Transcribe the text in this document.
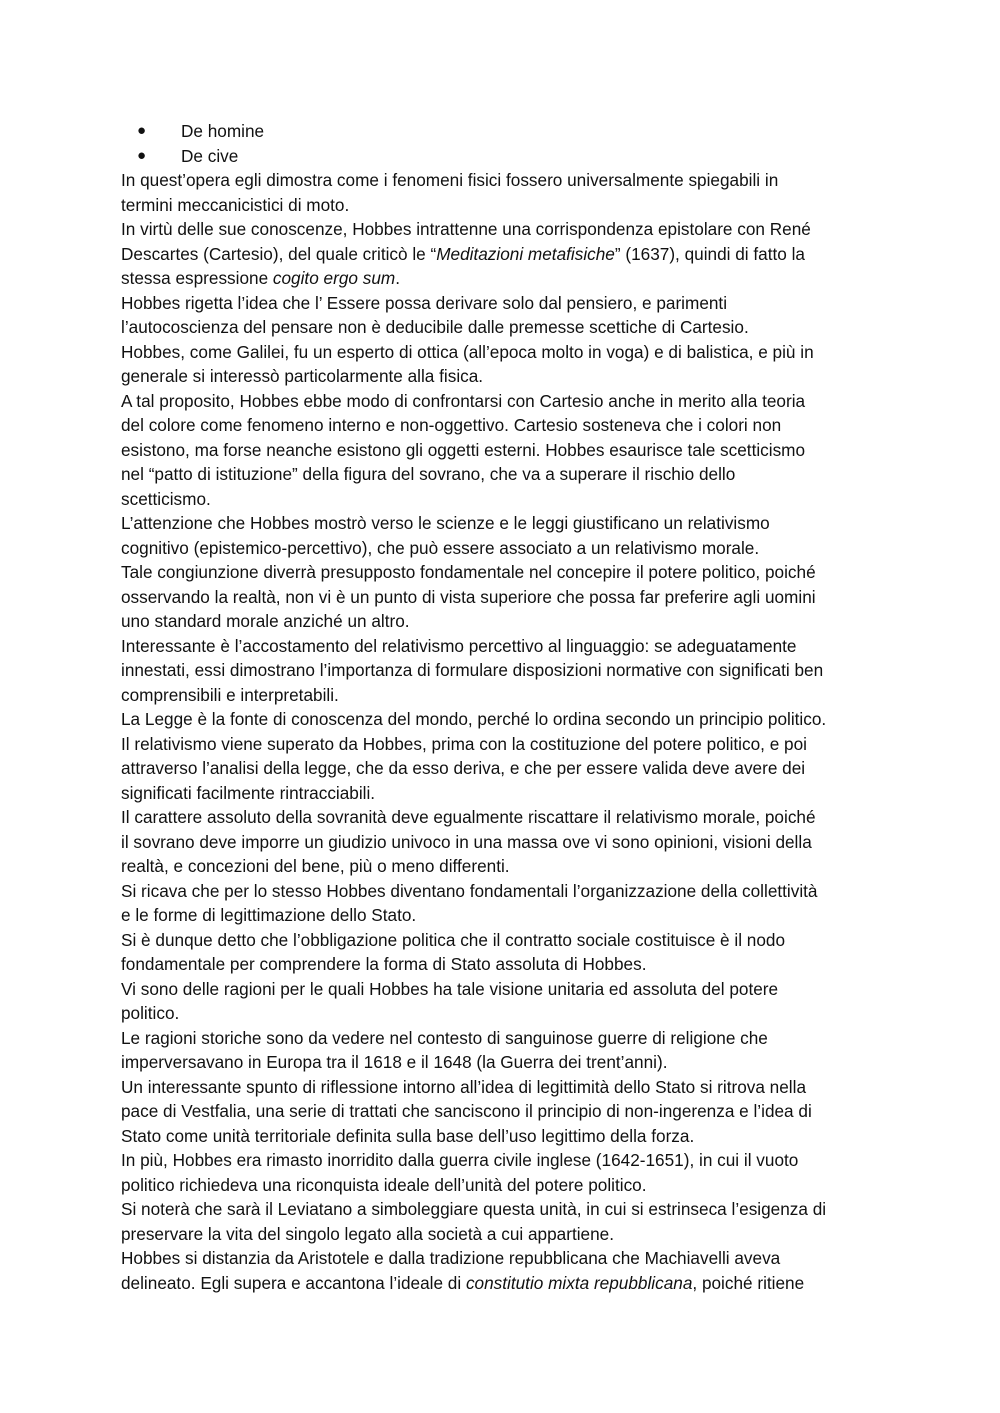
● De homine
● De cive

In quest’opera egli dimostra come i fenomeni fisici fossero universalmente spiegabili in

termini meccanicistici di moto.

In virtù delle sue conoscenze, Hobbes intrattenne una corrispondenza epistolare con René

Descartes (Cartesio), del quale criticò le “Meditazioni metafisiche” (1637), quindi di fatto la

stessa espressione cogito ergo sum.

Hobbes rigetta l’idea che l’ Essere possa derivare solo dal pensiero, e parimenti

l’autocoscienza del pensare non è deducibile dalle premesse scettiche di Cartesio.

Hobbes, come Galilei, fu un esperto di ottica (all’epoca molto in voga) e di balistica, e più in

generale si interessò particolarmente alla fisica.

A tal proposito, Hobbes ebbe modo di confrontarsi con Cartesio anche in merito alla teoria

del colore come fenomeno interno e non-oggettivo. Cartesio sosteneva che i colori non

esistono, ma forse neanche esistono gli oggetti esterni. Hobbes esaurisce tale scetticismo

nel “patto di istituzione” della figura del sovrano, che va a superare il rischio dello

scetticismo.

L’attenzione che Hobbes mostrò verso le scienze e le leggi giustificano un relativismo

cognitivo (epistemico-percettivo), che può essere associato a un relativismo morale.

Tale congiunzione diverrà presupposto fondamentale nel concepire il potere politico, poiché

osservando la realtà, non vi è un punto di vista superiore che possa far preferire agli uomini

uno standard morale anziché un altro.

Interessante è l’accostamento del relativismo percettivo al linguaggio: se adeguatamente

innestati, essi dimostrano l’importanza di formulare disposizioni normative con significati ben

comprensibili e interpretabili.

La Legge è la fonte di conoscenza del mondo, perché lo ordina secondo un principio politico.

Il relativismo viene superato da Hobbes, prima con la costituzione del potere politico, e poi

attraverso l’analisi della legge, che da esso deriva, e che per essere valida deve avere dei

significati facilmente rintracciabili.

Il carattere assoluto della sovranità deve egualmente riscattare il relativismo morale, poiché

il sovrano deve imporre un giudizio univoco in una massa ove vi sono opinioni, visioni della

realtà, e concezioni del bene, più o meno differenti.

Si ricava che per lo stesso Hobbes diventano fondamentali l’organizzazione della collettività

e le forme di legittimazione dello Stato.

Si è dunque detto che l’obbligazione politica che il contratto sociale costituisce è il nodo

fondamentale per comprendere la forma di Stato assoluta di Hobbes.

Vi sono delle ragioni per le quali Hobbes ha tale visione unitaria ed assoluta del potere

politico.

Le ragioni storiche sono da vedere nel contesto di sanguinose guerre di religione che

imperversavano in Europa tra il 1618 e il 1648 (la Guerra dei trent’anni).

Un interessante spunto di riflessione intorno all’idea di legittimità dello Stato si ritrova nella

pace di Vestfalia, una serie di trattati che sanciscono il principio di non-ingerenza e l’idea di

Stato come unità territoriale definita sulla base dell’uso legittimo della forza.

In più, Hobbes era rimasto inorridito dalla guerra civile inglese (1642-1651), in cui il vuoto

politico richiedeva una riconquista ideale dell’unità del potere politico.

Si noterà che sarà il Leviatano a simboleggiare questa unità, in cui si estrinseca l’esigenza di

preservare la vita del singolo legato alla società a cui appartiene.

Hobbes si distanzia da Aristotele e dalla tradizione repubblicana che Machiavelli aveva

delineato. Egli supera e accantona l’ideale di constitutio mixta repubblicana, poiché ritiene
